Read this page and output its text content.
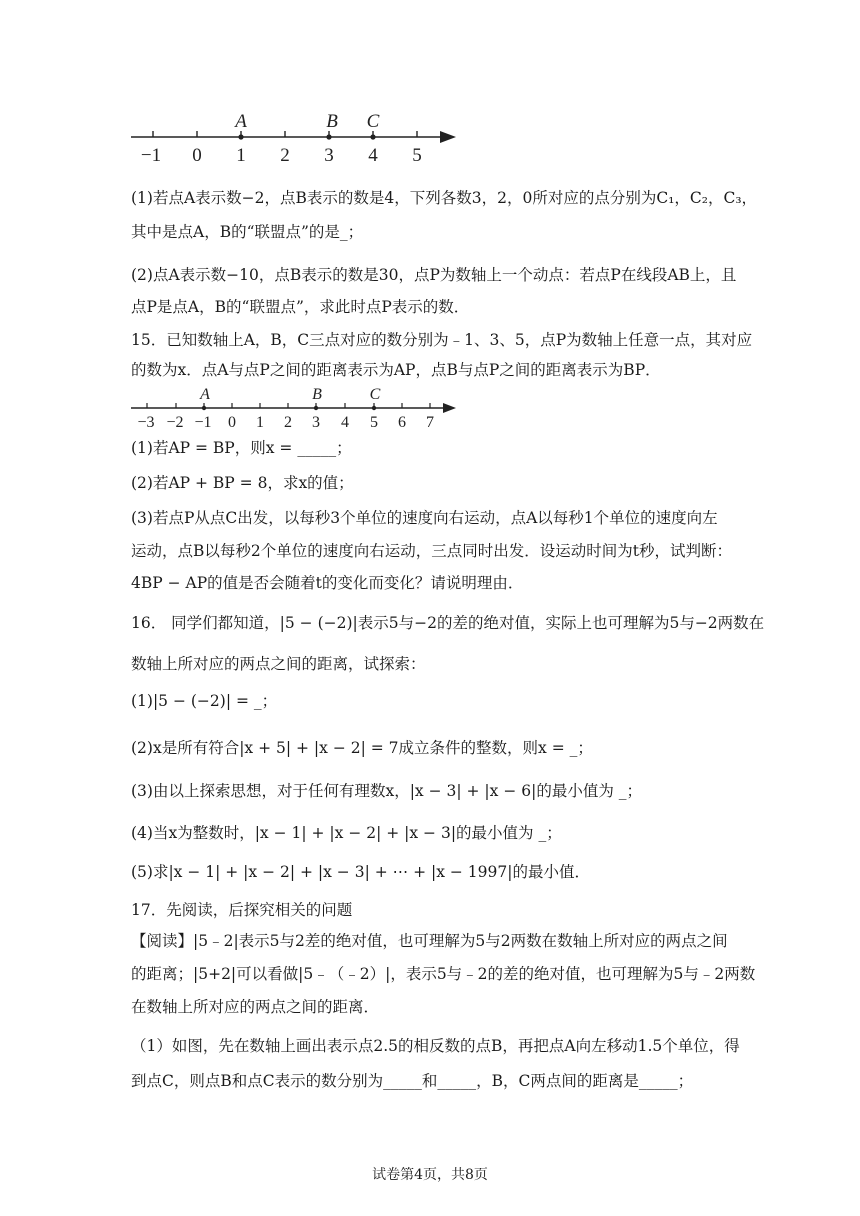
−1 0 1 2 3 4 5
A	B C
(1)若点A表示数−2，点B表示的数是4，下列各数3，2，0所对应的点分别为C₁，C₂，C₃，
其中是点A，B的“联盟点”的是_；
(2)点A表示数−10，点B表示的数是30，点P为数轴上一个动点：若点P在线段AB上，且
点P是点A，B的“联盟点”，求此时点P表示的数．
15．已知数轴上A，B，C三点对应的数分别为﹣1、3、5，点P为数轴上任意一点，其对应
的数为x．点A与点P之间的距离表示为AP，点B与点P之间的距离表示为BP．
−3 −2 −1 0 1 2 3 4 5 6 7
A	B	C
(1)若AP = BP，则x = _____；
(2)若AP + BP = 8，求x的值；
(3)若点P从点C出发，以每秒3个单位的速度向右运动，点A以每秒1个单位的速度向左
运动，点B以每秒2个单位的速度向右运动，三点同时出发．设运动时间为t秒，试判断：
4BP − AP的值是否会随着t的变化而变化？请说明理由．
16． 同学们都知道，|5 − (−2)|表示5与−2的差的绝对值，实际上也可理解为5与−2两数在
数轴上所对应的两点之间的距离，试探索：
(1)|5 − (−2)| = _；
(2)x是所有符合|x + 5| + |x − 2| = 7成立条件的整数，则x = _；
(3)由以上探索思想，对于任何有理数x，|x − 3| + |x − 6|的最小值为 _；
(4)当x为整数时，|x − 1| + |x − 2| + |x − 3|的最小值为 _；
(5)求|x − 1| + |x − 2| + |x − 3| + ⋯ + |x − 1997|的最小值．
17．先阅读，后探究相关的问题
【阅读】|5﹣2|表示5与2差的绝对值，也可理解为5与2两数在数轴上所对应的两点之间
的距离；|5+2|可以看做|5﹣（﹣2）|，表示5与﹣2的差的绝对值，也可理解为5与﹣2两数
在数轴上所对应的两点之间的距离．
（1）如图，先在数轴上画出表示点2.5的相反数的点B，再把点A向左移动1.5个单位，得
到点C，则点B和点C表示的数分别为_____和_____，B，C两点间的距离是_____；
试卷第4页，共8页
